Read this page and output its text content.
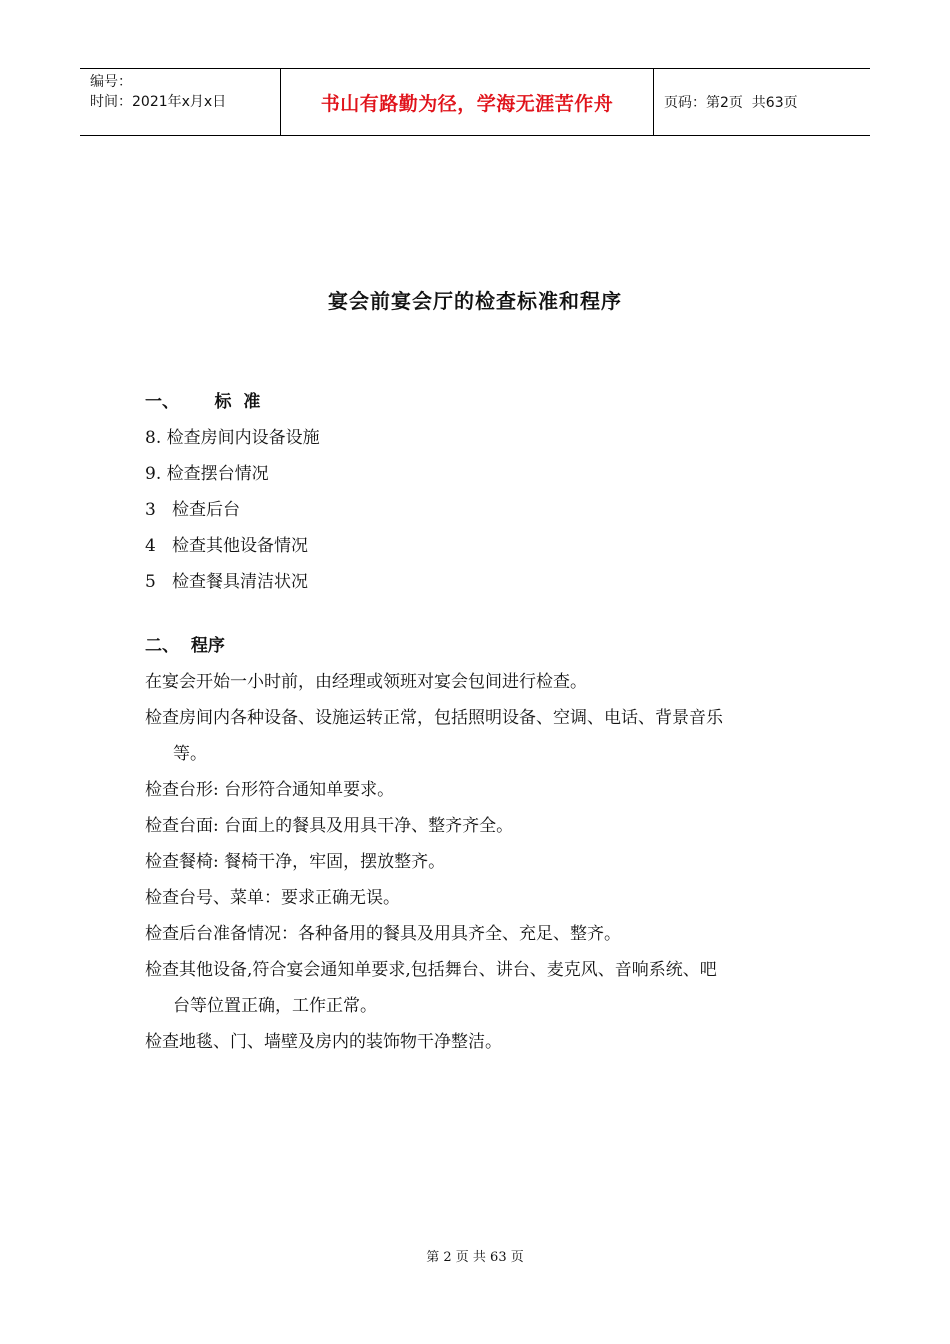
编号：
时间：2021年x月x日	书山有路勤为径，学海无涯苦作舟	页码：第2页  共63页
宴会前宴会厅的检查标准和程序
一、      标  准
8. 检查房间内设备设施
9. 检查摆台情况
3   检查后台
4   检查其他设备情况
5   检查餐具清洁状况
二、  程序
在宴会开始一小时前，由经理或领班对宴会包间进行检查。
检查房间内各种设备、设施运转正常，包括照明设备、空调、电话、背景音乐
等。
检查台形: 台形符合通知单要求。
检查台面: 台面上的餐具及用具干净、整齐齐全。
检查餐椅: 餐椅干净，牢固，摆放整齐。
检查台号、菜单：要求正确无误。
检查后台准备情况：各种备用的餐具及用具齐全、充足、整齐。
检查其他设备,符合宴会通知单要求,包括舞台、讲台、麦克风、音响系统、吧
台等位置正确，工作正常。
检查地毯、门、墙壁及房内的装饰物干净整洁。
第 2 页 共 63 页
